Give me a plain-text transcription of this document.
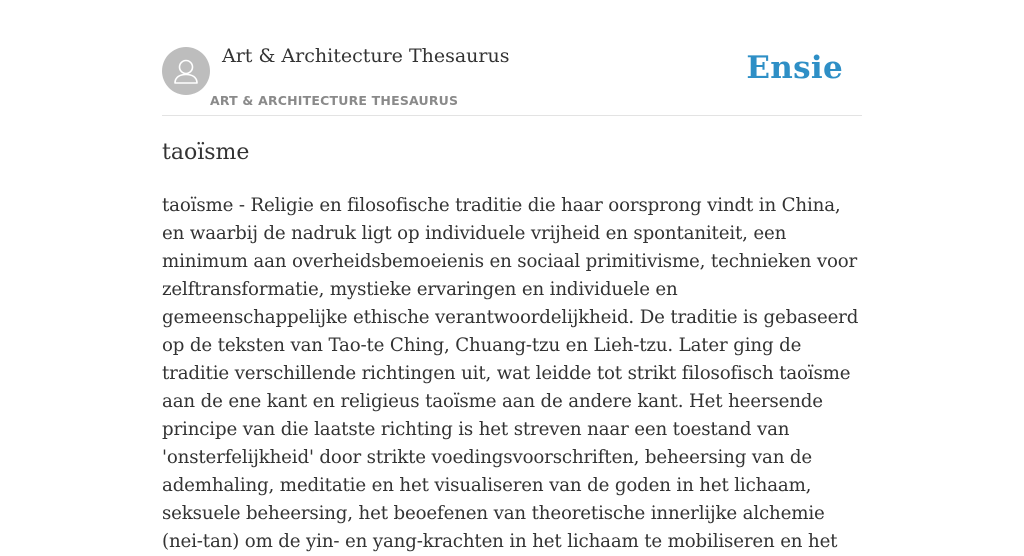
Art & Architecture Thesaurus
ART & ARCHITECTURE THESAURUS
Ensie
taoïsme

taoïsme - Religie en filosofische traditie die haar oorsprong vindt in China, en waarbij de nadruk ligt op individuele vrijheid en spontaniteit, een minimum aan overheidsbemoeienis en sociaal primitivisme, technieken voor zelftransformatie, mystieke ervaringen en individuele en gemeenschappelijke ethische verantwoordelijkheid. De traditie is gebaseerd op de teksten van Tao-te Ching, Chuang-tzu en Lieh-tzu. Later ging de traditie verschillende richtingen uit, wat leidde tot strikt filosofisch taoïsme aan de ene kant en religieus taoïsme aan de andere kant. Het heersende principe van die laatste richting is het streven naar een toestand van 'onsterfelijkheid' door strikte voedingsvoorschriften, beheersing van de ademhaling, meditatie en het visualiseren van de goden in het lichaam, seksuele beheersing, het beoefenen van theoretische innerlijke alchemie (nei-tan) om de yin- en yang-krachten in het lichaam te mobiliseren en het
